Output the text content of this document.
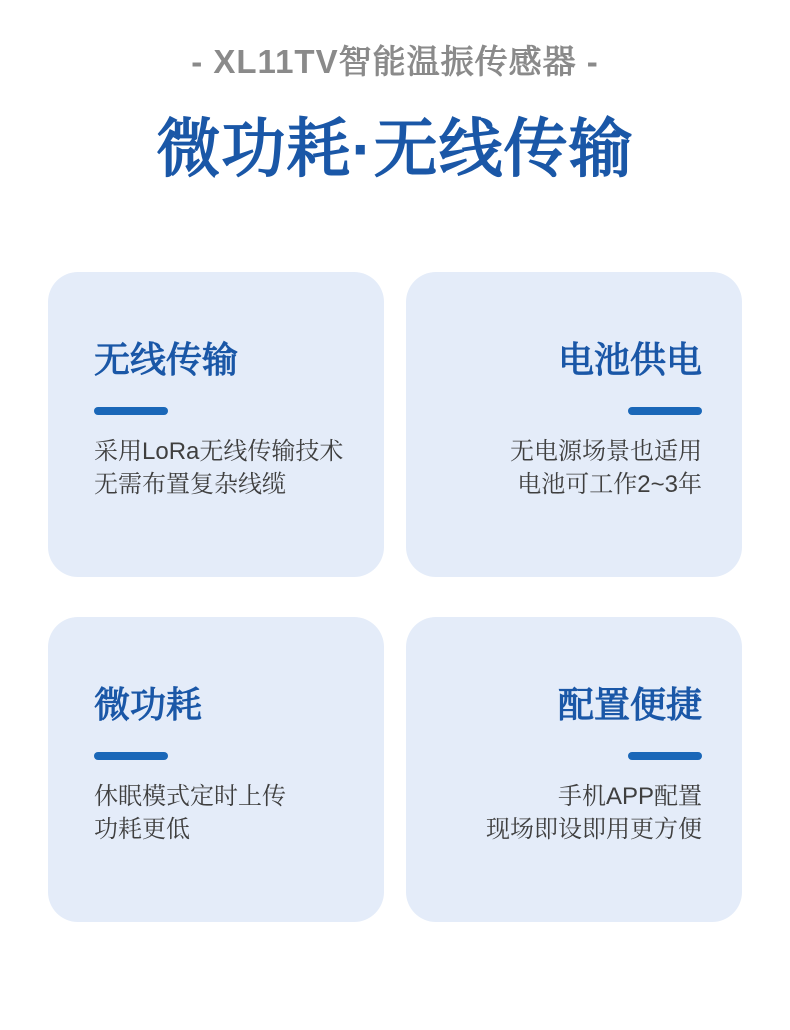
- XL11TV智能温振传感器 -

微功耗·无线传输
无线传输

采用LoRa无线传输技术
无需布置复杂线缆

电池供电

无电源场景也适用
电池可工作2~3年

微功耗

休眠模式定时上传
功耗更低

配置便捷

手机APP配置
现场即设即用更方便
